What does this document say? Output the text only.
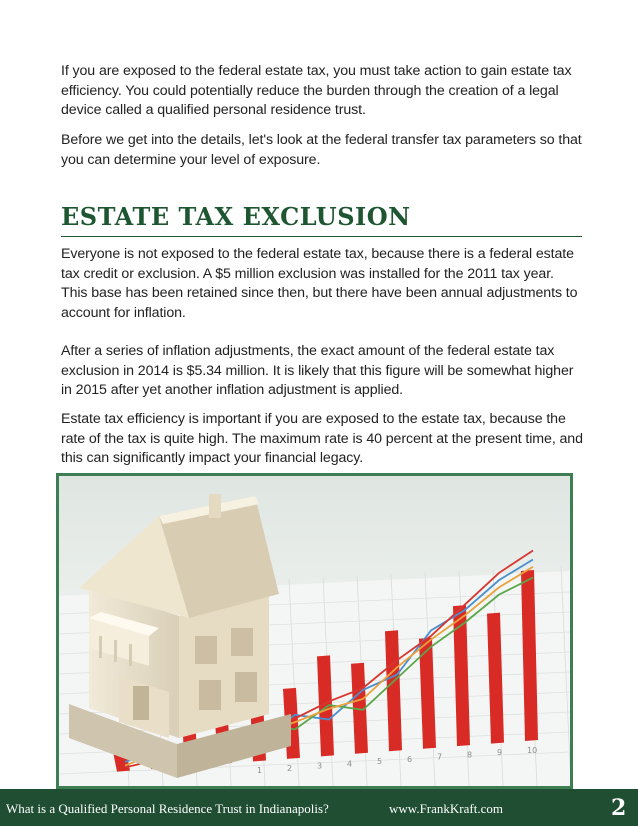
If you are exposed to the federal estate tax, you must take action to gain estate tax efficiency. You could potentially reduce the burden through the creation of a legal device called a qualified personal residence trust.

Before we get into the details, let's look at the federal transfer tax parameters so that you can determine your level of exposure.

ESTATE TAX EXCLUSION

Everyone is not exposed to the federal estate tax, because there is a federal estate tax credit or exclusion. A $5 million exclusion was installed for the 2011 tax year. This base has been retained since then, but there have been annual adjustments to account for inflation.

After a series of inflation adjustments, the exact amount of the federal estate tax exclusion in 2014 is $5.34 million. It is likely that this figure will be somewhat higher in 2015 after yet another inflation adjustment is applied.

Estate tax efficiency is important if you are exposed to the estate tax, because the rate of the tax is quite high. The maximum rate is 40 percent at the present time, and this can significantly impact your financial legacy.

1	2	3	4	5	6	7	8	9	10
What is a Qualified Personal Residence Trust in Indianapolis?	www.FrankKraft.com	2
